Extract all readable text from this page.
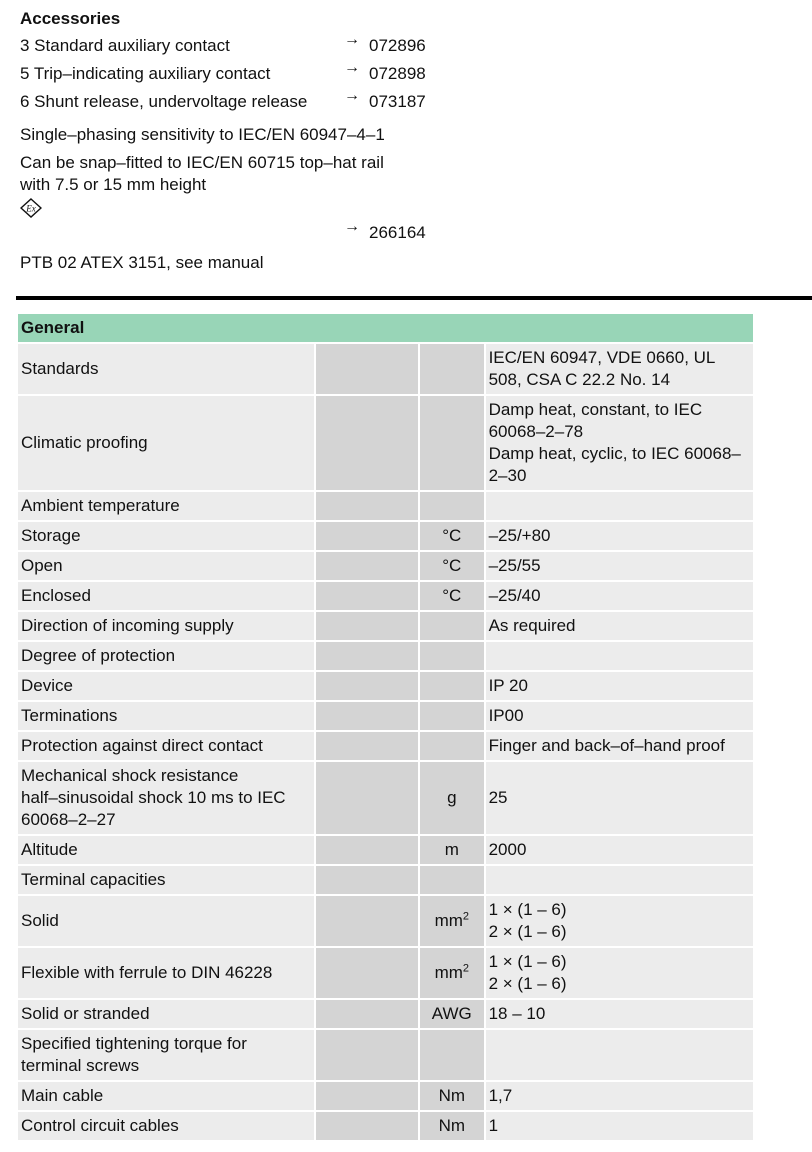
Accessories
3 Standard auxiliary contact	→ 072896
5 Trip–indicating auxiliary contact	→ 072898
6 Shunt release, undervoltage release → 073187
Single–phasing sensitivity to IEC/EN 60947–4–1
Can be snap–fitted to IEC/EN 60715 top–hat rail
with 7.5 or 15 mm height
Ex
→ 266164
PTB 02 ATEX 3151, see manual
General			

Standards			IEC/EN 60947, VDE 0660, UL 508, CSA C 22.2 No. 14

Climatic proofing			Damp heat, constant, to IEC 60068–2–78
Damp heat, cyclic, to IEC 60068–2–30

Ambient temperature			

Storage		°C	–25/+80

Open		°C	–25/55

Enclosed		°C	–25/40

Direction of incoming supply			As required

Degree of protection			

Device			IP 20

Terminations			IP00

Protection against direct contact			Finger and back–of–hand proof

Mechanical shock resistance
half–sinusoidal shock 10 ms to IEC 60068–2–27		g	25

Altitude		m	2000

Terminal capacities			

Solid		$mm^2$	1 × (1 – 6)
2 × (1 – 6)

Flexible with ferrule to DIN 46228		$mm^2$	1 × (1 – 6)
2 × (1 – 6)

Solid or stranded		AWG	18 – 10

Specified tightening torque for terminal screws			

Main cable		Nm	1,7

Control circuit cables		Nm	1
